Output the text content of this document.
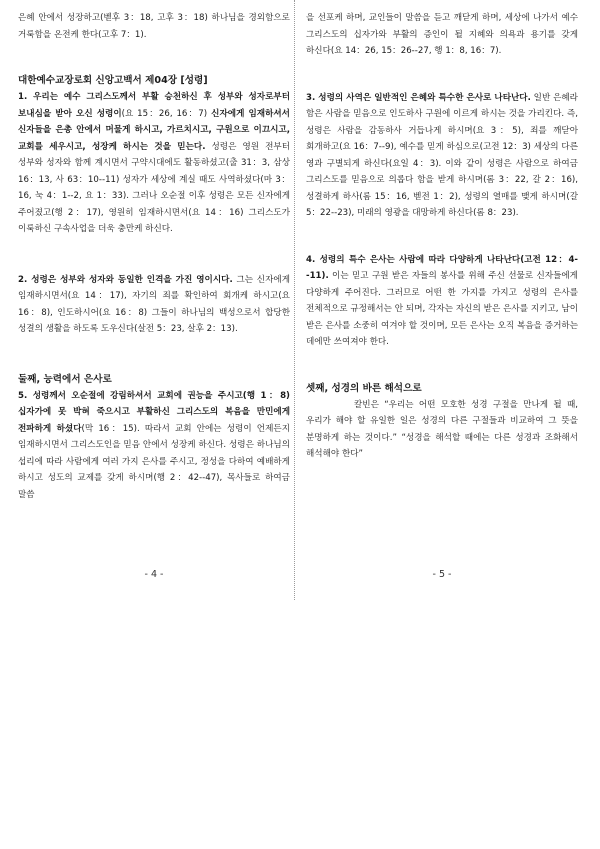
은혜 안에서 성장하고(벧후 3：18, 고후 3：18) 하나님을 경외함으로 거룩함을 온전케 한다(고후 7：1).

대한예수교장로회 신앙고백서 제04장 [성령]

1. 우리는 예수 그리스도께서 부활 승천하신 후 성부와 성자로부터 보내심을 받아 오신 성령이(요 15：26, 16：7) 신자에게 임재하셔서 신자들을 은총 안에서 머물게 하시고, 가르치시고, 구원으로 이끄시고, 교회를 세우시고, 성장케 하시는 것을 믿는다. 성령은 영원 전부터 성부와 성자와 함께 계시면서 구약시대에도 활동하셨고(출 31：3, 삼상 16：13, 사 63：10--11) 성자가 세상에 계실 때도 사역하셨다(마 3：16, 눅 4：1--2, 요 1：33). 그러나 오순절 이후 성령은 모든 신자에게 주어졌고(행 2：17), 영원히 임재하시면서(요 14：16) 그리스도가 이룩하신 구속사업을 더욱 충만케 하신다.

2. 성령은 성부와 성자와 동일한 인격을 가진 영이시다. 그는 신자에게 임재하시면서(요 14：17), 자기의 죄를 확인하여 회개케 하시고(요 16：8), 인도하시어(요 16：8) 그들이 하나님의 백성으로서 합당한 성결의 생활을 하도록 도우신다(살전 5：23, 살후 2：13).

둘째, 능력에서 은사로

5. 성령께서 오순절에 강림하셔서 교회에 권능을 주시고(행 1：8) 십자가에 못 박혀 죽으시고 부활하신 그리스도의 복음을 만민에게 전파하게 하셨다(막 16：15). 따라서 교회 안에는 성령이 언제든지 임재하시면서 그리스도인을 믿음 안에서 성장케 하신다. 성령은 하나님의 섭리에 따라 사람에게 여러 가지 은사를 주시고, 정성을 다하여 예배하게 하시고 성도의 교제를 갖게 하시며(행 2：42--47), 목사들로 하여금 말씀

- 4 -

을 선포케 하며, 교인들이 말씀을 듣고 깨닫게 하며, 세상에 나가서 예수 그리스도의 십자가와 부활의 증인이 될 지혜와 의욕과 용기를 갖게 하신다(요 14：26, 15：26--27, 행 1：8, 16：7).

3. 성령의 사역은 일반적인 은혜와 특수한 은사로 나타난다. 일반 은혜라 함은 사람을 믿음으로 인도하사 구원에 이르게 하시는 것을 가리킨다. 즉, 성령은 사람을 감동하사 거듭나게 하시며(요 3：5), 죄를 깨닫아 회개하고(요 16：7--9), 예수를 믿게 하심으로(고전 12：3) 세상의 다른 영과 구별되게 하신다(요일 4：3). 이와 같이 성령은 사람으로 하여금 그리스도를 믿음으로 의롭다 함을 받게 하시며(롬 3：22, 갈 2：16), 성결하게 하사(롬 15：16, 벧전 1：2), 성령의 열매를 맺게 하시며(갈 5：22--23), 미래의 영광을 대망하게 하신다(롬 8：23).

4. 성령의 특수 은사는 사람에 따라 다양하게 나타난다(고전 12：4--11). 이는 믿고 구원 받은 자들의 봉사를 위해 주신 선물로 신자들에게 다양하게 주어진다. 그러므로 어떤 한 가지를 가지고 성령의 은사를 전체적으로 규정해서는 안 되며, 각자는 자신의 받은 은사를 지키고, 남이 받은 은사를 소중히 여겨야 할 것이며, 모든 은사는 오직 복음을 증거하는 데에만 쓰여져야 한다.

셋째, 성경의 바른 해석으로

칼빈은 “우리는 어떤 모호한 성경 구절을 만나게 될 때, 우리가 해야 할 유일한 일은 성경의 다른 구절들과 비교하여 그 뜻을 분명하게 하는 것이다.” “성경을 해석할 때에는 다른 성경과 조화해서 해석해야 한다”

- 5 -
